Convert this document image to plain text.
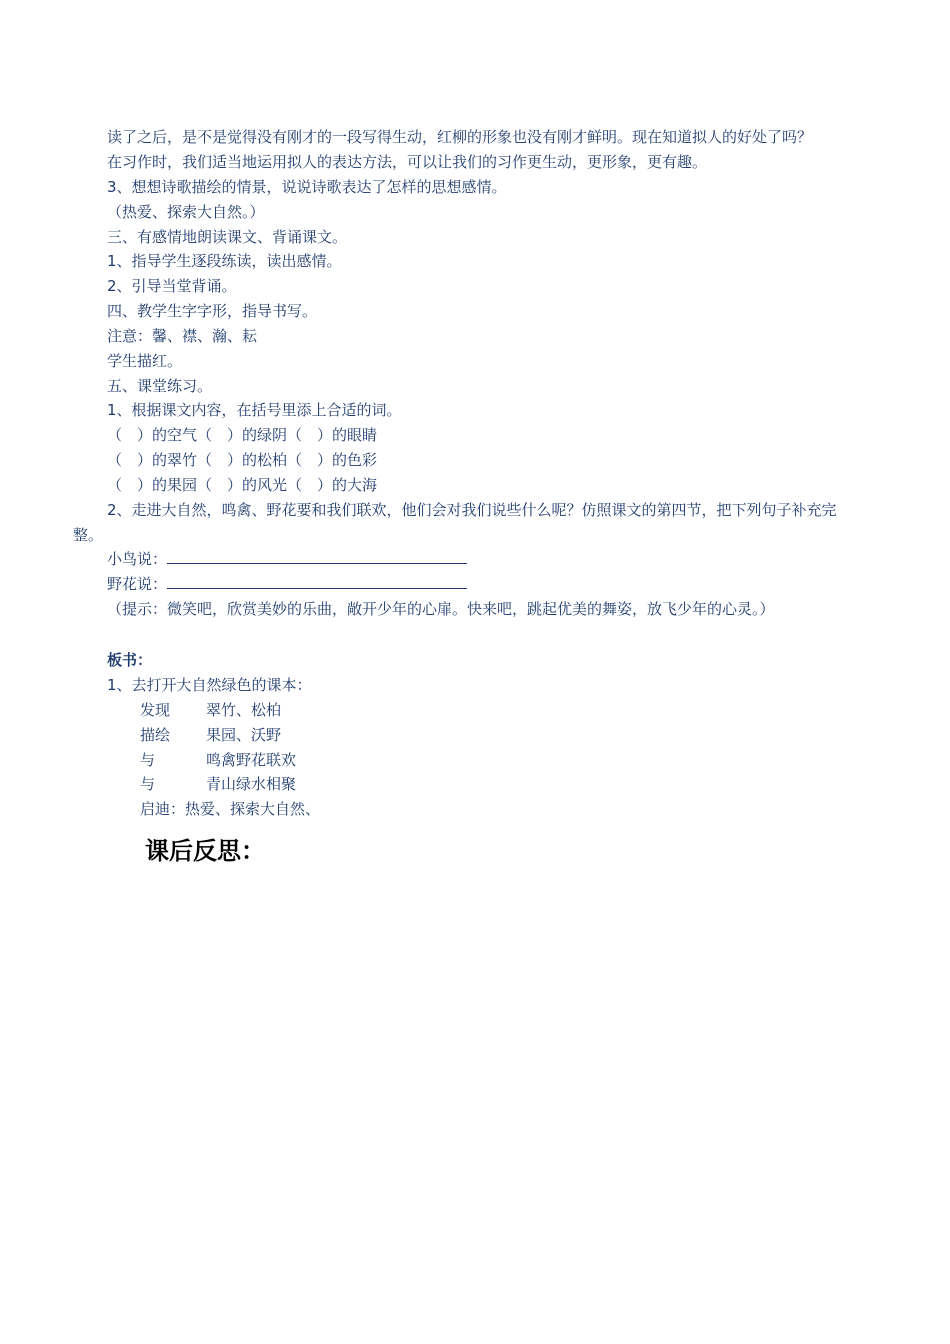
读了之后，是不是觉得没有刚才的一段写得生动，红柳的形象也没有刚才鲜明。现在知道拟人的好处了吗？
在习作时，我们适当地运用拟人的表达方法，可以让我们的习作更生动，更形象，更有趣。
3、想想诗歌描绘的情景，说说诗歌表达了怎样的思想感情。
（热爱、探索大自然。）
三、有感情地朗读课文、背诵课文。
1、指导学生逐段练读，读出感情。
2、引导当堂背诵。
四、教学生字字形，指导书写。
注意：馨、襟、瀚、耘
学生描红。
五、课堂练习。
1、根据课文内容，在括号里添上合适的词。
（　）的空气（　）的绿阴（　）的眼睛
（　）的翠竹（　）的松柏（　）的色彩
（　）的果园（　）的风光（　）的大海
2、走进大自然，鸣禽、野花要和我们联欢，他们会对我们说些什么呢？仿照课文的第四节，把下列句子补充完
整。
小鸟说：
野花说：
（提示：微笑吧，欣赏美妙的乐曲，敞开少年的心扉。快来吧，跳起优美的舞姿，放飞少年的心灵。）
板书：
1、去打开大自然绿色的课本：
发现 翠竹、松柏
描绘 果园、沃野
与	鸣禽野花联欢
与	青山绿水相聚
启迪：热爱、探索大自然、
课后反思：
